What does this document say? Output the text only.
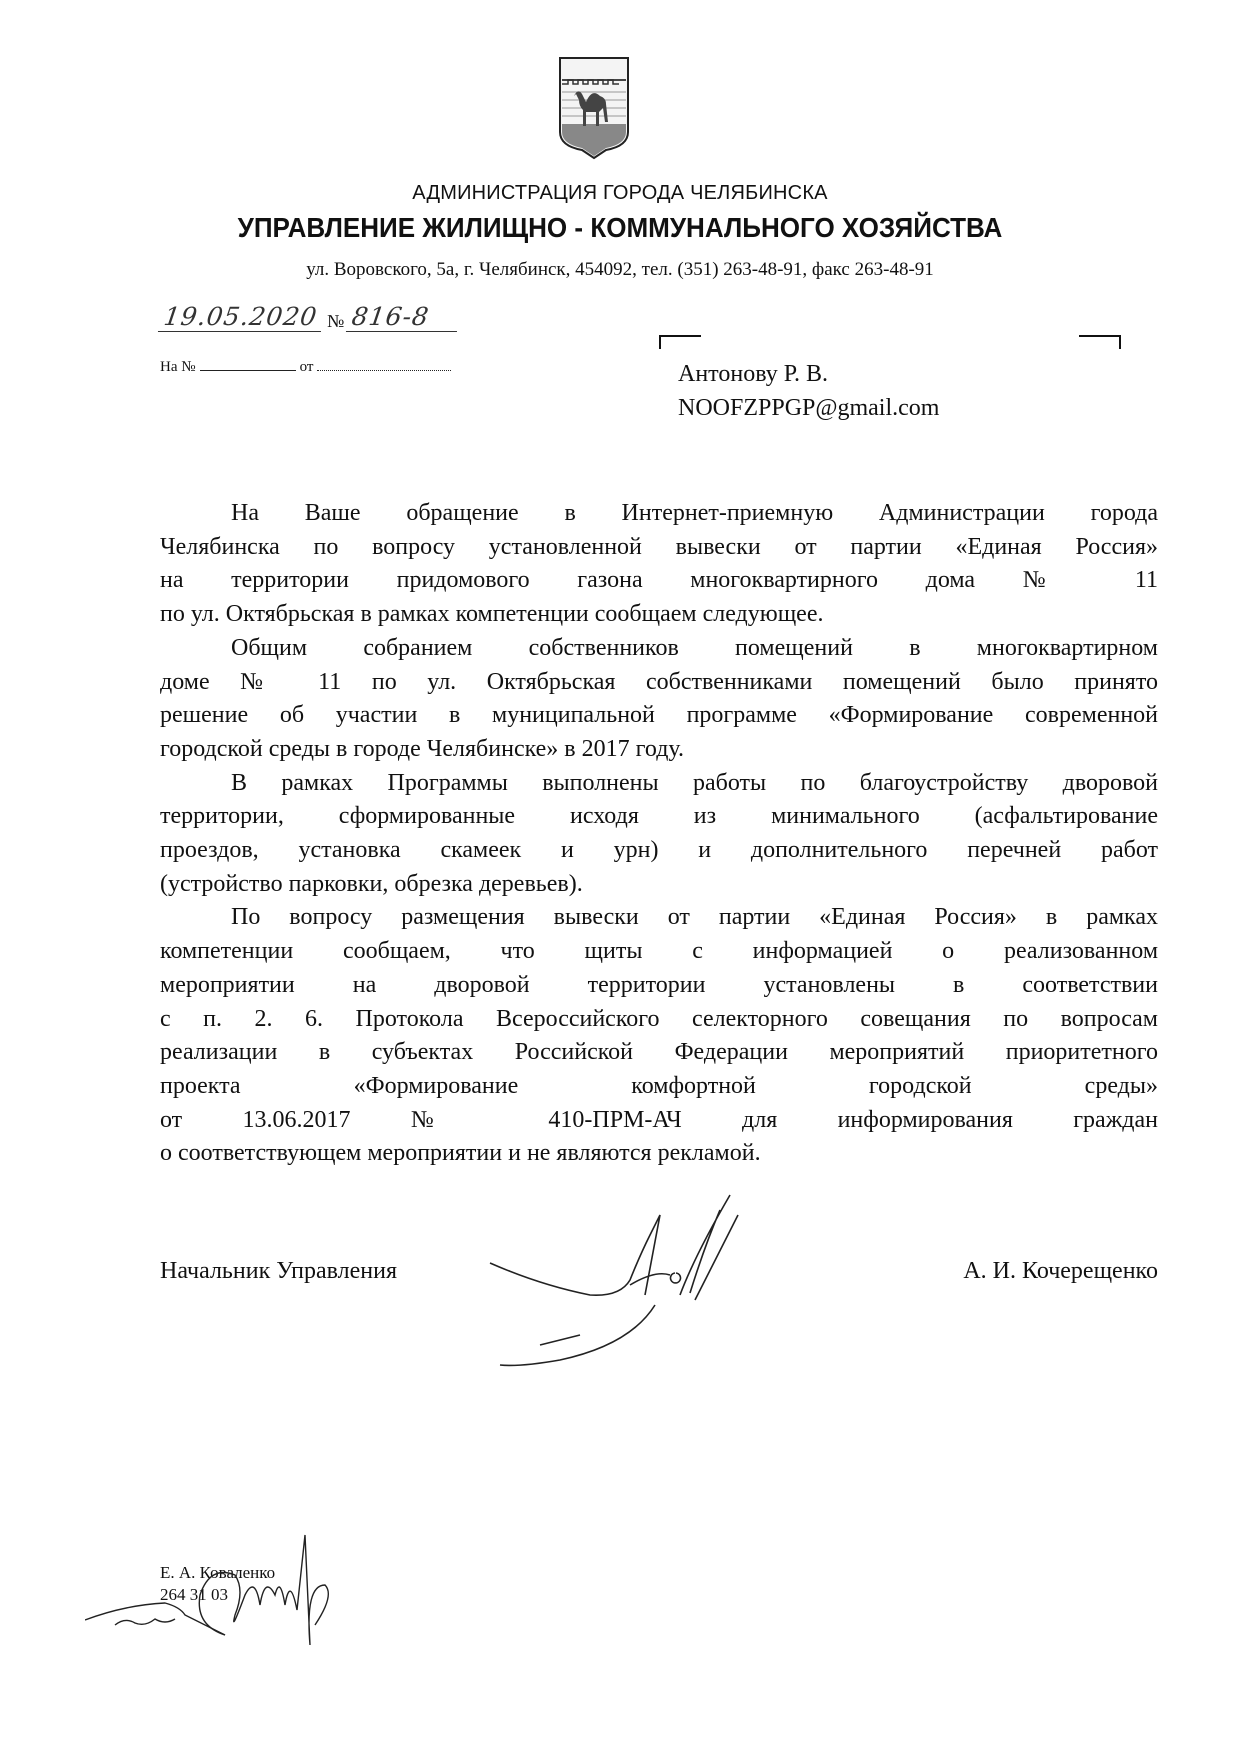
АДМИНИСТРАЦИЯ ГОРОДА ЧЕЛЯБИНСКА
УПРАВЛЕНИЕ ЖИЛИЩНО - КОММУНАЛЬНОГО ХОЗЯЙСТВА
ул. Воровского, 5а, г. Челябинск, 454092, тел. (351) 263-48-91, факс 263-48-91
19.05.2020 № 816-8
На №	от	Антонову Р. В.
NOOFZPPGP@gmail.com
На Ваше обращение в Интернет-приемную Администрации города
Челябинска по вопросу установленной вывески от партии «Единая Россия»
на территории придомового газона многоквартирного дома № 11
по ул. Октябрьская в рамках компетенции сообщаем следующее.
Общим собранием собственников помещений в многоквартирном
доме № 11 по ул. Октябрьская собственниками помещений было принято
решение об участии в муниципальной программе «Формирование современной
городской среды в городе Челябинске» в 2017 году.
В рамках Программы выполнены работы по благоустройству дворовой
территории, сформированные исходя из минимального (асфальтирование
проездов, установка скамеек и урн) и дополнительного перечней работ
(устройство парковки, обрезка деревьев).
По вопросу размещения вывески от партии «Единая Россия» в рамках
компетенции сообщаем, что щиты с информацией о реализованном
мероприятии на дворовой территории установлены в соответствии
с п. 2. 6. Протокола Всероссийского селекторного совещания по вопросам
реализации в субъектах Российской Федерации мероприятий приоритетного
проекта «Формирование комфортной городской среды»
от 13.06.2017 № 410-ПРМ-АЧ для информирования граждан
о соответствующем мероприятии и не являются рекламой.
Начальник Управления	А. И. Кочерещенко
Е. А. Коваленко
264 31 03
